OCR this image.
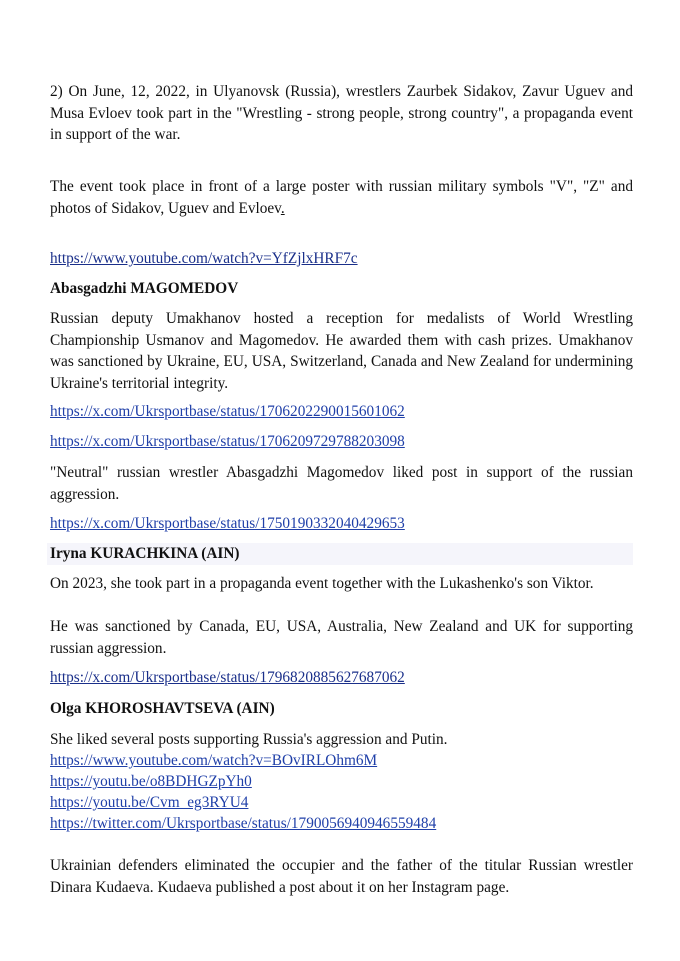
2) On June, 12, 2022, in Ulyanovsk (Russia), wrestlers Zaurbek Sidakov, Zavur Uguev and Musa Evloev took part in the "Wrestling - strong people, strong country", a propaganda event in support of the war.

The event took place in front of a large poster with russian military symbols "V", "Z" and photos of Sidakov, Uguev and Evloev.

https://www.youtube.com/watch?v=YfZjlxHRF7c

Abasgadzhi MAGOMEDOV

Russian deputy Umakhanov hosted a reception for medalists of World Wrestling Championship Usmanov and Magomedov. He awarded them with cash prizes. Umakhanov was sanctioned by Ukraine, EU, USA, Switzerland, Canada and New Zealand for undermining Ukraine's territorial integrity.

https://x.com/Ukrsportbase/status/1706202290015601062
https://x.com/Ukrsportbase/status/1706209729788203098

"Neutral" russian wrestler Abasgadzhi Magomedov liked post in support of the russian aggression.

https://x.com/Ukrsportbase/status/1750190332040429653

Iryna KURACHKINA (AIN)

On 2023, she took part in a propaganda event together with the Lukashenko's son Viktor.

He was sanctioned by Canada, EU, USA, Australia, New Zealand and UK for supporting russian aggression.

https://x.com/Ukrsportbase/status/1796820885627687062

Olga KHOROSHAVTSEVA (AIN)

She liked several posts supporting Russia's aggression and Putin.

https://www.youtube.com/watch?v=BOvIRLOhm6M
https://youtu.be/o8BDHGZpYh0
https://youtu.be/Cvm_eg3RYU4
https://twitter.com/Ukrsportbase/status/1790056940946559484

Ukrainian defenders eliminated the occupier and the father of the titular Russian wrestler Dinara Kudaeva. Kudaeva published a post about it on her Instagram page.
